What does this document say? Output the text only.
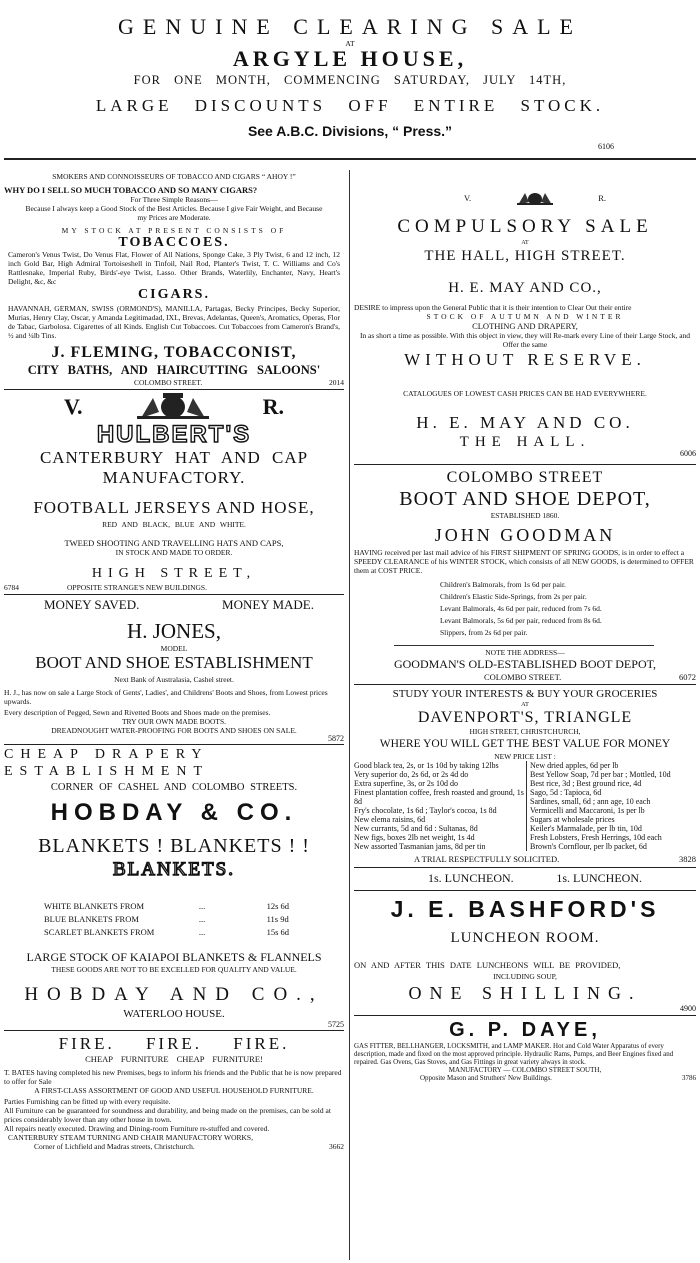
GENUINE CLEARING SALE
AT
ARGYLE HOUSE,
FOR ONE MONTH, COMMENCING SATURDAY, JULY 14TH,
LARGE DISCOUNTS OFF ENTIRE STOCK.
See A.B.C. Divisions, “ Press.”
6106
SMOKERS AND CONNOISSEURS OF TOBACCO AND CIGARS “ AHOY !”
WHY DO I SELL SO MUCH TOBACCO AND SO MANY CIGARS?
For Three Simple Reasons—
Because I always keep a Good Stock of the Best Articles. Because I give Fair Weight, and Because my Prices are Moderate.
MY STOCK AT PRESENT CONSISTS OF
TOBACCOES.
Cameron's Venus Twist, Do Venus Flat, Flower of All Nations, Sponge Cake, 3 Ply Twist, 6 and 12 inch, 12 inch Gold Bar, High Admiral Tortoiseshell in Tinfoil, Nail Rod, Planter's Twist, T. C. Williams and Co's Rattlesnake, Imperial Ruby, Birds'-eye Twist, Lasso. Other Brands, Waterlily, Enchanter, Navy, Heart's Delight, &c, &c
CIGARS.
HAVANNAH, GERMAN, SWISS (ORMOND'S), MANILLA, Partagas, Becky Principes, Becky Superior, Murias, Henry Clay, Oscar, y Amanda Legitimadad, IXL, Brevas, Adelantas, Queen's, Aromatics, Operas, Flor de Tabac, Garbolosa. Cigarettes of all Kinds. English Cut Tobaccoes. Cut Tobaccoes from Cameron's Brand's, ½ and ¼lb Tins.
J. FLEMING, TOBACCONIST,
CITY BATHS, AND HAIRCUTTING SALOONS'
COLOMBO STREET.	2014
V.	R.
HULBERT'S
CANTERBURY HAT AND CAP MANUFACTORY.
FOOTBALL JERSEYS AND HOSE,
RED AND BLACK, BLUE AND WHITE.
TWEED SHOOTING AND TRAVELLING HATS AND CAPS,
IN STOCK AND MADE TO ORDER.
HIGH STREET,
6784	OPPOSITE STRANGE'S NEW BUILDINGS.
MONEY SAVED.	MONEY MADE.
H. JONES,
MODEL
BOOT AND SHOE ESTABLISHMENT
Next Bank of Australasia, Cashel street.
H. J., has now on sale a Large Stock of Gents', Ladies', and Childrens' Boots and Shoes, from Lowest prices upwards.
Every description of Pegged, Sewn and Rivetted Boots and Shoes made on the premises.
TRY OUR OWN MADE BOOTS.
DREADNOUGHT WATER-PROOFING FOR BOOTS AND SHOES ON SALE.
5872
CHEAP DRAPERY ESTABLISHMENT
CORNER OF CASHEL AND COLOMBO STREETS.
HOBDAY & CO.
BLANKETS ! BLANKETS ! !
BLANKETS.
WHITE BLANKETS FROM	...	12s 6d
BLUE BLANKETS FROM	...	11s 9d
SCARLET BLANKETS FROM	...	15s 6d
LARGE STOCK OF KAIAPOI BLANKETS & FLANNELS
THESE GOODS ARE NOT TO BE EXCELLED FOR QUALITY AND VALUE.
HOBDAY AND CO.,
WATERLOO HOUSE.
5725
FIRE. FIRE. FIRE.
CHEAP FURNITURE CHEAP FURNITURE!
T. BATES having completed his new Premises, begs to inform his friends and the Public that he is now prepared to offer for Sale
A FIRST-CLASS ASSORTMENT OF GOOD AND USEFUL HOUSEHOLD FURNITURE.
Parties Furnishing can be fitted up with every requisite.
All Furniture can be guaranteed for soundness and durability, and being made on the premises, can be sold at prices considerably lower than any other house in town.
All repairs neatly executed. Drawing and Dining-room Furniture re-stuffed and covered.
CANTERBURY STEAM TURNING AND CHAIR MANUFACTORY WORKS,
Corner of Lichfield and Madras streets, Christchurch.	3662
V.	R.
COMPULSORY SALE
AT
THE HALL, HIGH STREET.
H. E. MAY AND CO.,
DESIRE to impress upon the General Public that it is their intention to Clear Out their entire
STOCK OF AUTUMN AND WINTER
CLOTHING AND DRAPERY,
In as short a time as possible. With this object in view, they will Re-mark every Line of their Large Stock, and Offer the same
WITHOUT RESERVE.
CATALOGUES OF LOWEST CASH PRICES CAN BE HAD EVERYWHERE.
H. E. MAY AND CO.
THE HALL.
6006
COLOMBO STREET
BOOT AND SHOE DEPOT,
ESTABLISHED 1860.
JOHN GOODMAN
HAVING received per last mail advice of his FIRST SHIPMENT OF SPRING GOODS, is in order to effect a SPEEDY CLEARANCE of his WINTER STOCK, which consists of all NEW GOODS, is determined to OFFER them at COST PRICE.
Children's Balmorals, from 1s 6d per pair.
Children's Elastic Side-Springs, from 2s per pair.
Levant Balmorals, 4s 6d per pair, reduced from 7s 6d.
Levant Balmorals, 5s 6d per pair, reduced from 8s 6d.
Slippers, from 2s 6d per pair.
NOTE THE ADDRESS—
GOODMAN'S OLD-ESTABLISHED BOOT DEPOT,
COLOMBO STREET.	6072
STUDY YOUR INTERESTS & BUY YOUR GROCERIES
AT
DAVENPORT'S, TRIANGLE
HIGH STREET, CHRISTCHURCH,
WHERE YOU WILL GET THE BEST VALUE FOR MONEY
NEW PRICE LIST :
Good black tea, 2s, or 1s 10d by taking 12lbs
Very superior do, 2s 6d, or 2s 4d do
Extra superfine, 3s, or 2s 10d do
Finest plantation coffee, fresh roasted and ground, 1s 8d
Fry's chocolate, 1s 6d ; Taylor's cocoa, 1s 8d
New elema raisins, 6d
New currants, 5d and 6d : Sultanas, 8d
New figs, boxes 2lb net weight, 1s 4d
New assorted Tasmanian jams, 8d per tin

New dried apples, 6d per lb
Best Yellow Soap, 7d per bar ; Mottled, 10d
Best rice, 3d ; Best ground rice, 4d
Sago, 5d : Tapioca, 6d
Sardines, small, 6d ; ann age, 10 each
Vermicelli and Maccaroni, 1s per lb
Sugars at wholesale prices
Keiler's Marmalade, per lb tin, 10d
Fresh Lobsters, Fresh Herrings, 10d each
Brown's Cornflour, per lb packet, 6d
A TRIAL RESPECTFULLY SOLICITED.	3828
1s. LUNCHEON.	1s. LUNCHEON.
J. E. BASHFORD'S
LUNCHEON ROOM.
ON AND AFTER THIS DATE LUNCHEONS WILL BE PROVIDED,
INCLUDING SOUP,
ONE SHILLING.
4900
G. P. DAYE,
GAS FITTER, BELLHANGER, LOCKSMITH, and LAMP MAKER. Hot and Cold Water Apparatus of every description, made and fixed on the most approved principle. Hydraulic Rams, Pumps, and Beer Engines fixed and repaired. Gas Ovens, Gas Stoves, and Gas Fittings in great variety always in stock.
MANUFACTORY — COLOMBO STREET SOUTH,
Opposite Mason and Struthers' New Buildings.	3786
